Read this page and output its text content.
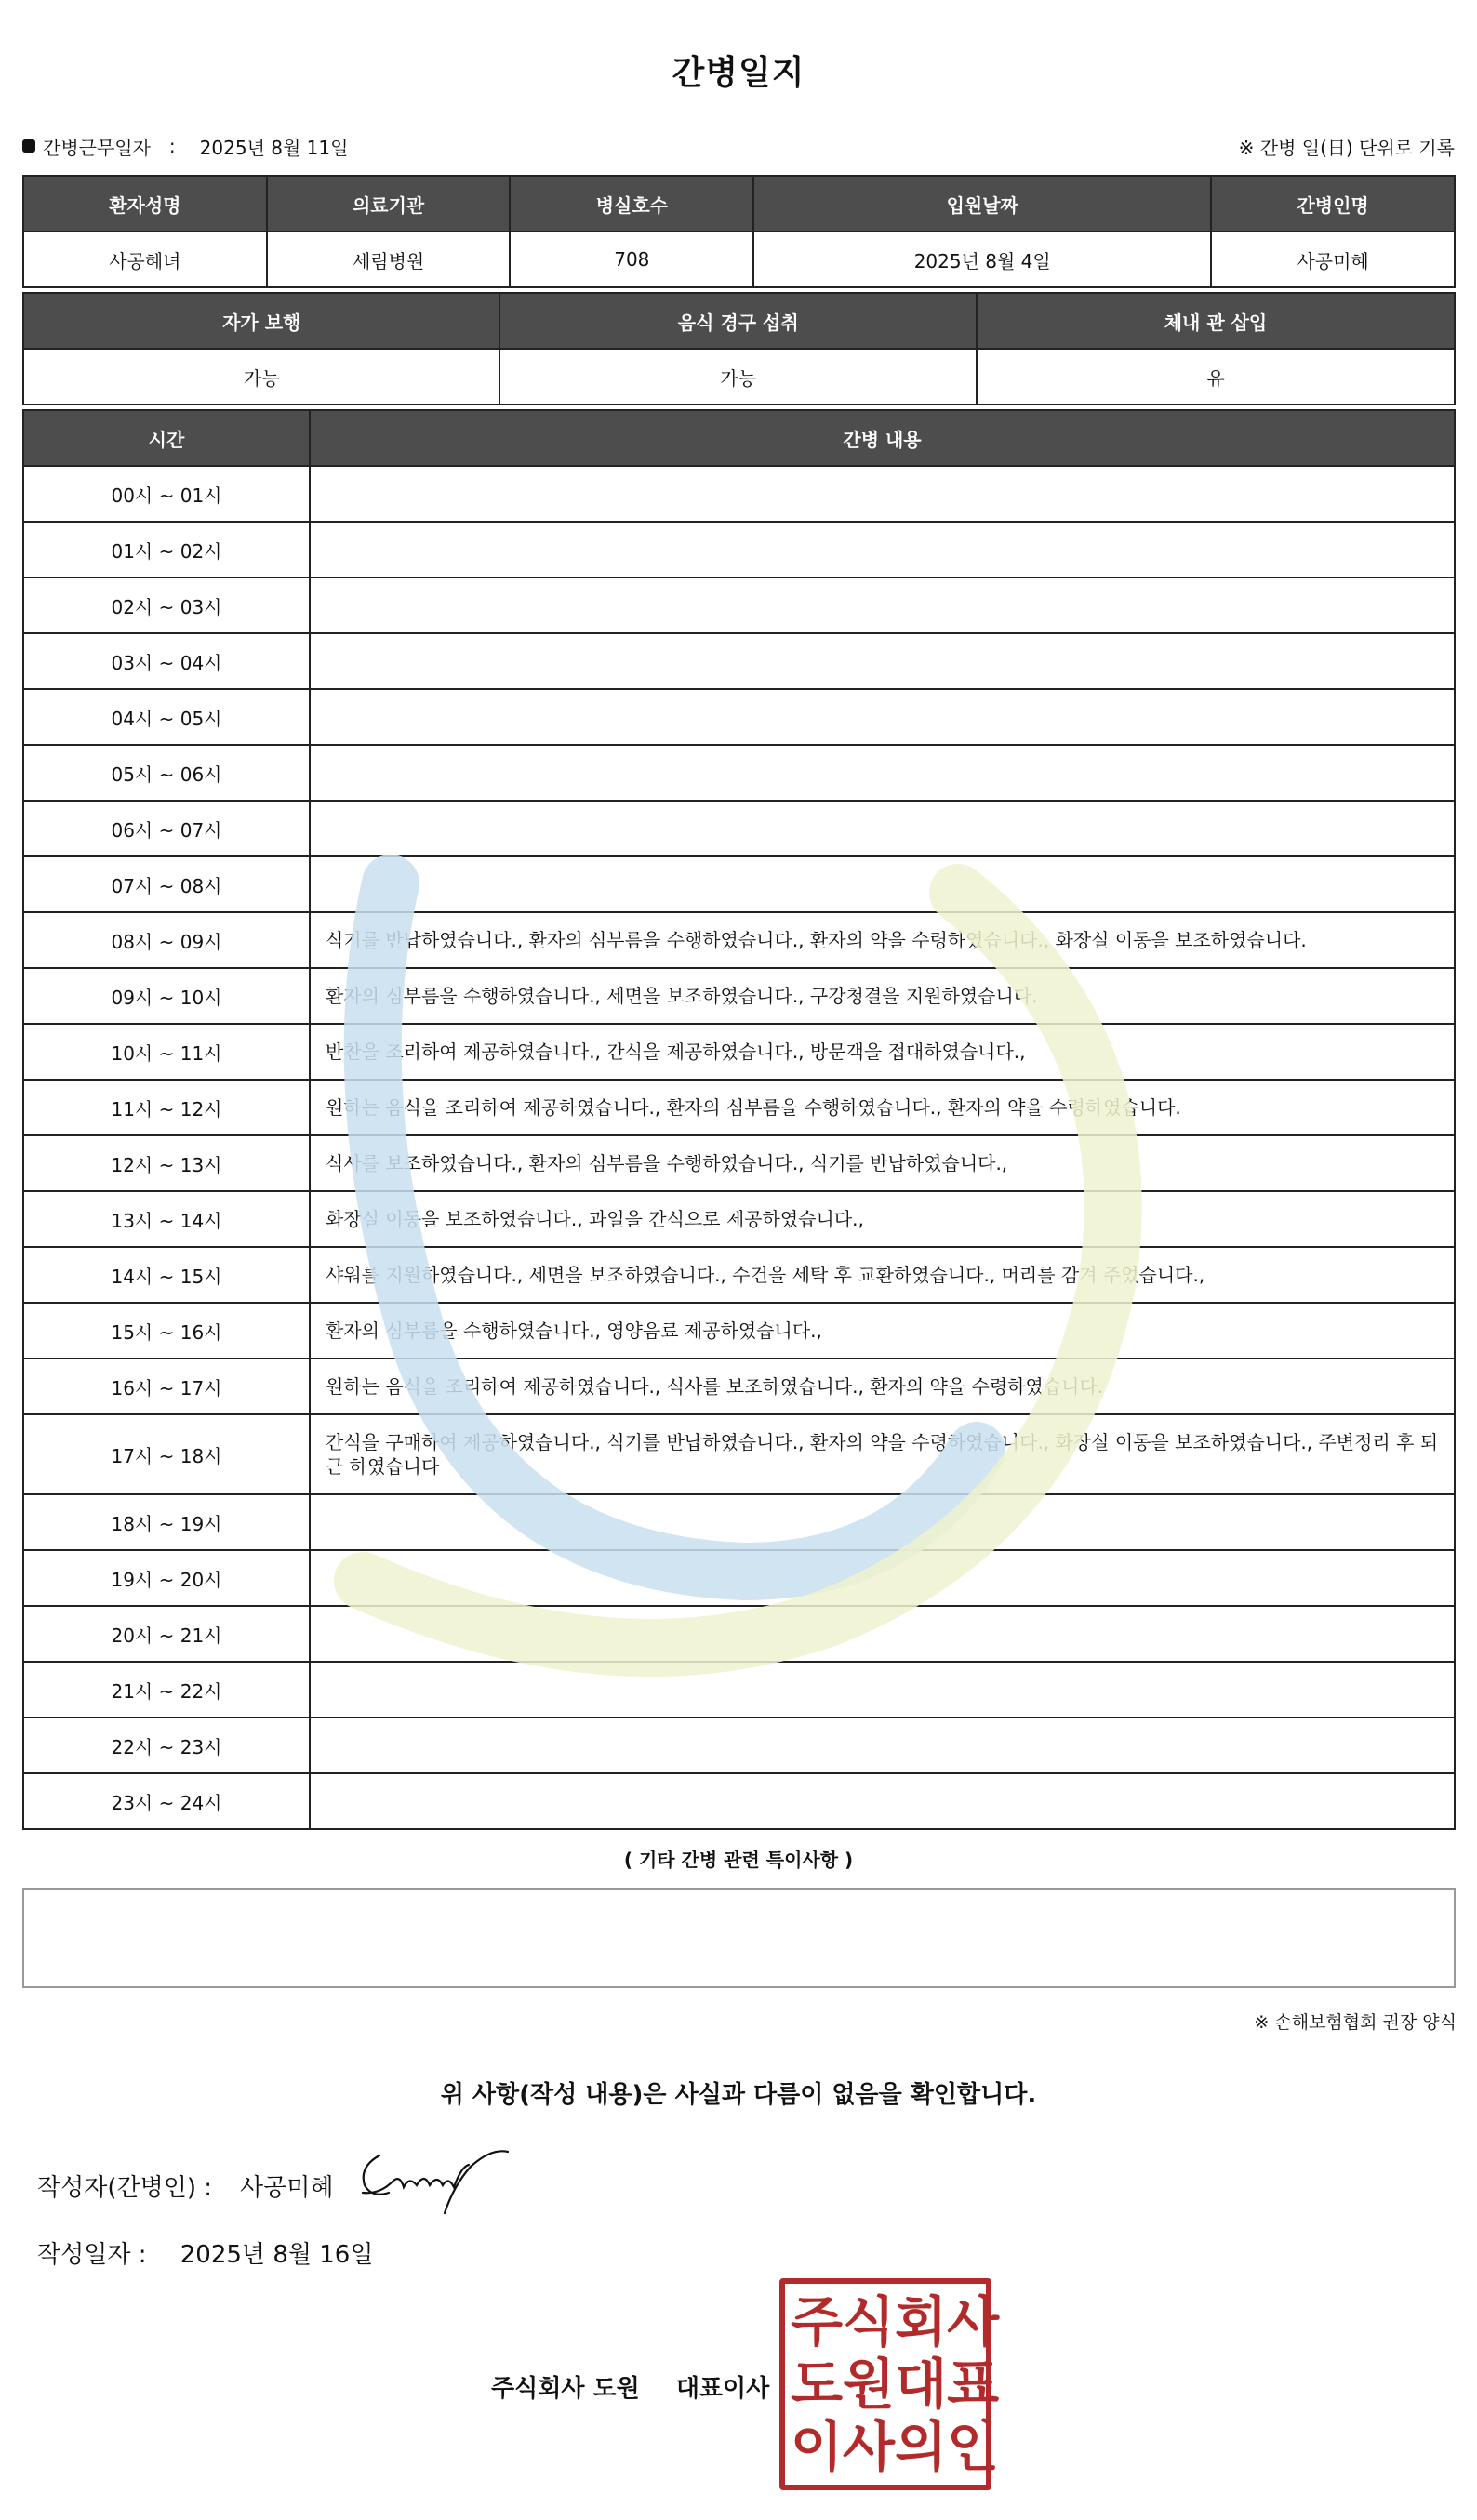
간병일지
간병근무일자 : 2025년 8월 11일	※ 간병 일(日) 단위로 기록
환자성명	의료기관	병실호수	입원날짜	간병인명
사공혜녀	세림병원	708	2025년 8월 4일	사공미혜
자가 보행	음식 경구 섭취	체내 관 삽입
가능	가능	유
시간	간병 내용
00시 ~ 01시	
01시 ~ 02시	
02시 ~ 03시	
03시 ~ 04시	
04시 ~ 05시	
05시 ~ 06시	
06시 ~ 07시	
07시 ~ 08시	
08시 ~ 09시	식기를 반납하였습니다., 환자의 심부름을 수행하였습니다., 환자의 약을 수령하였습니다., 화장실 이동을 보조하였습니다.
09시 ~ 10시	환자의 심부름을 수행하였습니다., 세면을 보조하였습니다., 구강청결을 지원하였습니다.
10시 ~ 11시	반찬을 조리하여 제공하였습니다., 간식을 제공하였습니다., 방문객을 접대하였습니다.,
11시 ~ 12시	원하는 음식을 조리하여 제공하였습니다., 환자의 심부름을 수행하였습니다., 환자의 약을 수령하였습니다.
12시 ~ 13시	식사를 보조하였습니다., 환자의 심부름을 수행하였습니다., 식기를 반납하였습니다.,
13시 ~ 14시	화장실 이동을 보조하였습니다., 과일을 간식으로 제공하였습니다.,
14시 ~ 15시	샤워를 지원하였습니다., 세면을 보조하였습니다., 수건을 세탁 후 교환하였습니다., 머리를 감겨 주었습니다.,
15시 ~ 16시	환자의 심부름을 수행하였습니다., 영양음료 제공하였습니다.,
16시 ~ 17시	원하는 음식을 조리하여 제공하였습니다., 식사를 보조하였습니다., 환자의 약을 수령하였습니다.
17시 ~ 18시	간식을 구매하여 제공하였습니다., 식기를 반납하였습니다., 환자의 약을 수령하였습니다., 화장실 이동을 보조하였습니다., 주변정리 후 퇴근 하였습니다
18시 ~ 19시	
19시 ~ 20시	
20시 ~ 21시	
21시 ~ 22시	
22시 ~ 23시	
23시 ~ 24시	
( 기타 간병 관련 특이사항 )
※ 손해보험협회 권장 양식
위 사항(작성 내용)은 사실과 다름이 없음을 확인합니다.
작성자(간병인) : 사공미혜
작성일자 : 2025년 8월 16일
주식회사 도원 대표이사
주 식 회 사
도 원 대 표
이 사 의 인
